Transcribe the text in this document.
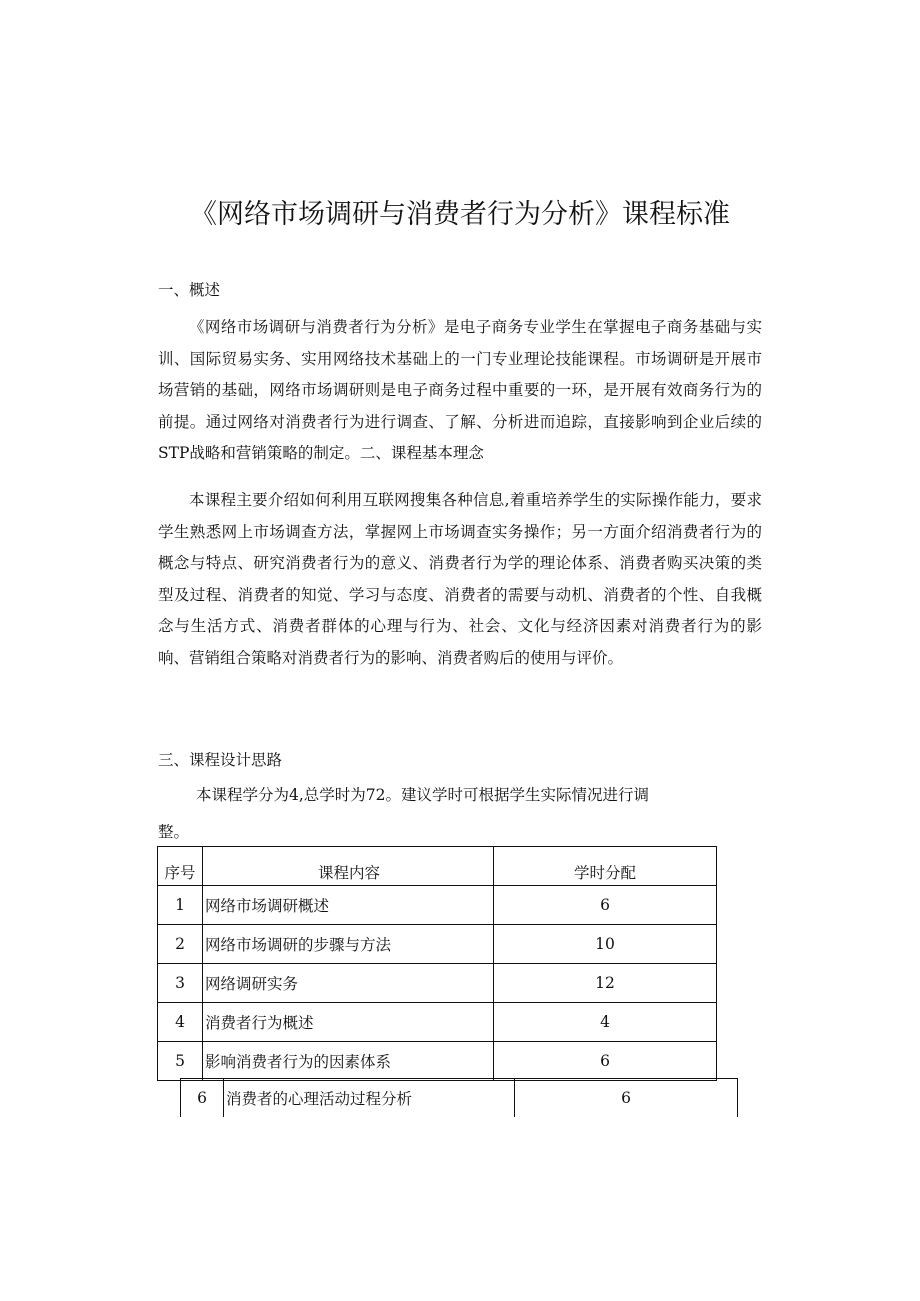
《网络市场调研与消费者行为分析》课程标准

一、概述

《网络市场调研与消费者行为分析》是电子商务专业学生在掌握电子商务基础与实训、国际贸易实务、实用网络技术基础上的一门专业理论技能课程。市场调研是开展市场营销的基础，网络市场调研则是电子商务过程中重要的一环，是开展有效商务行为的前提。通过网络对消费者行为进行调查、了解、分析进而追踪，直接影响到企业后续的STP战略和营销策略的制定。二、课程基本理念

本课程主要介绍如何利用互联网搜集各种信息,着重培养学生的实际操作能力，要求学生熟悉网上市场调查方法，掌握网上市场调查实务操作；另一方面介绍消费者行为的概念与特点、研究消费者行为的意义、消费者行为学的理论体系、消费者购买决策的类型及过程、消费者的知觉、学习与态度、消费者的需要与动机、消费者的个性、自我概念与生活方式、消费者群体的心理与行为、社会、文化与经济因素对消费者行为的影响、营销组合策略对消费者行为的影响、消费者购后的使用与评价。

三、课程设计思路

本课程学分为4,总学时为72。建议学时可根据学生实际情况进行调

整。

序号	课程内容	学时分配
1	网络市场调研概述	6
2	网络市场调研的步骤与方法	10
3	网络调研实务	12
4	消费者行为概述	4
5	影响消费者行为的因素体系	6
6	消费者的心理活动过程分析	6
